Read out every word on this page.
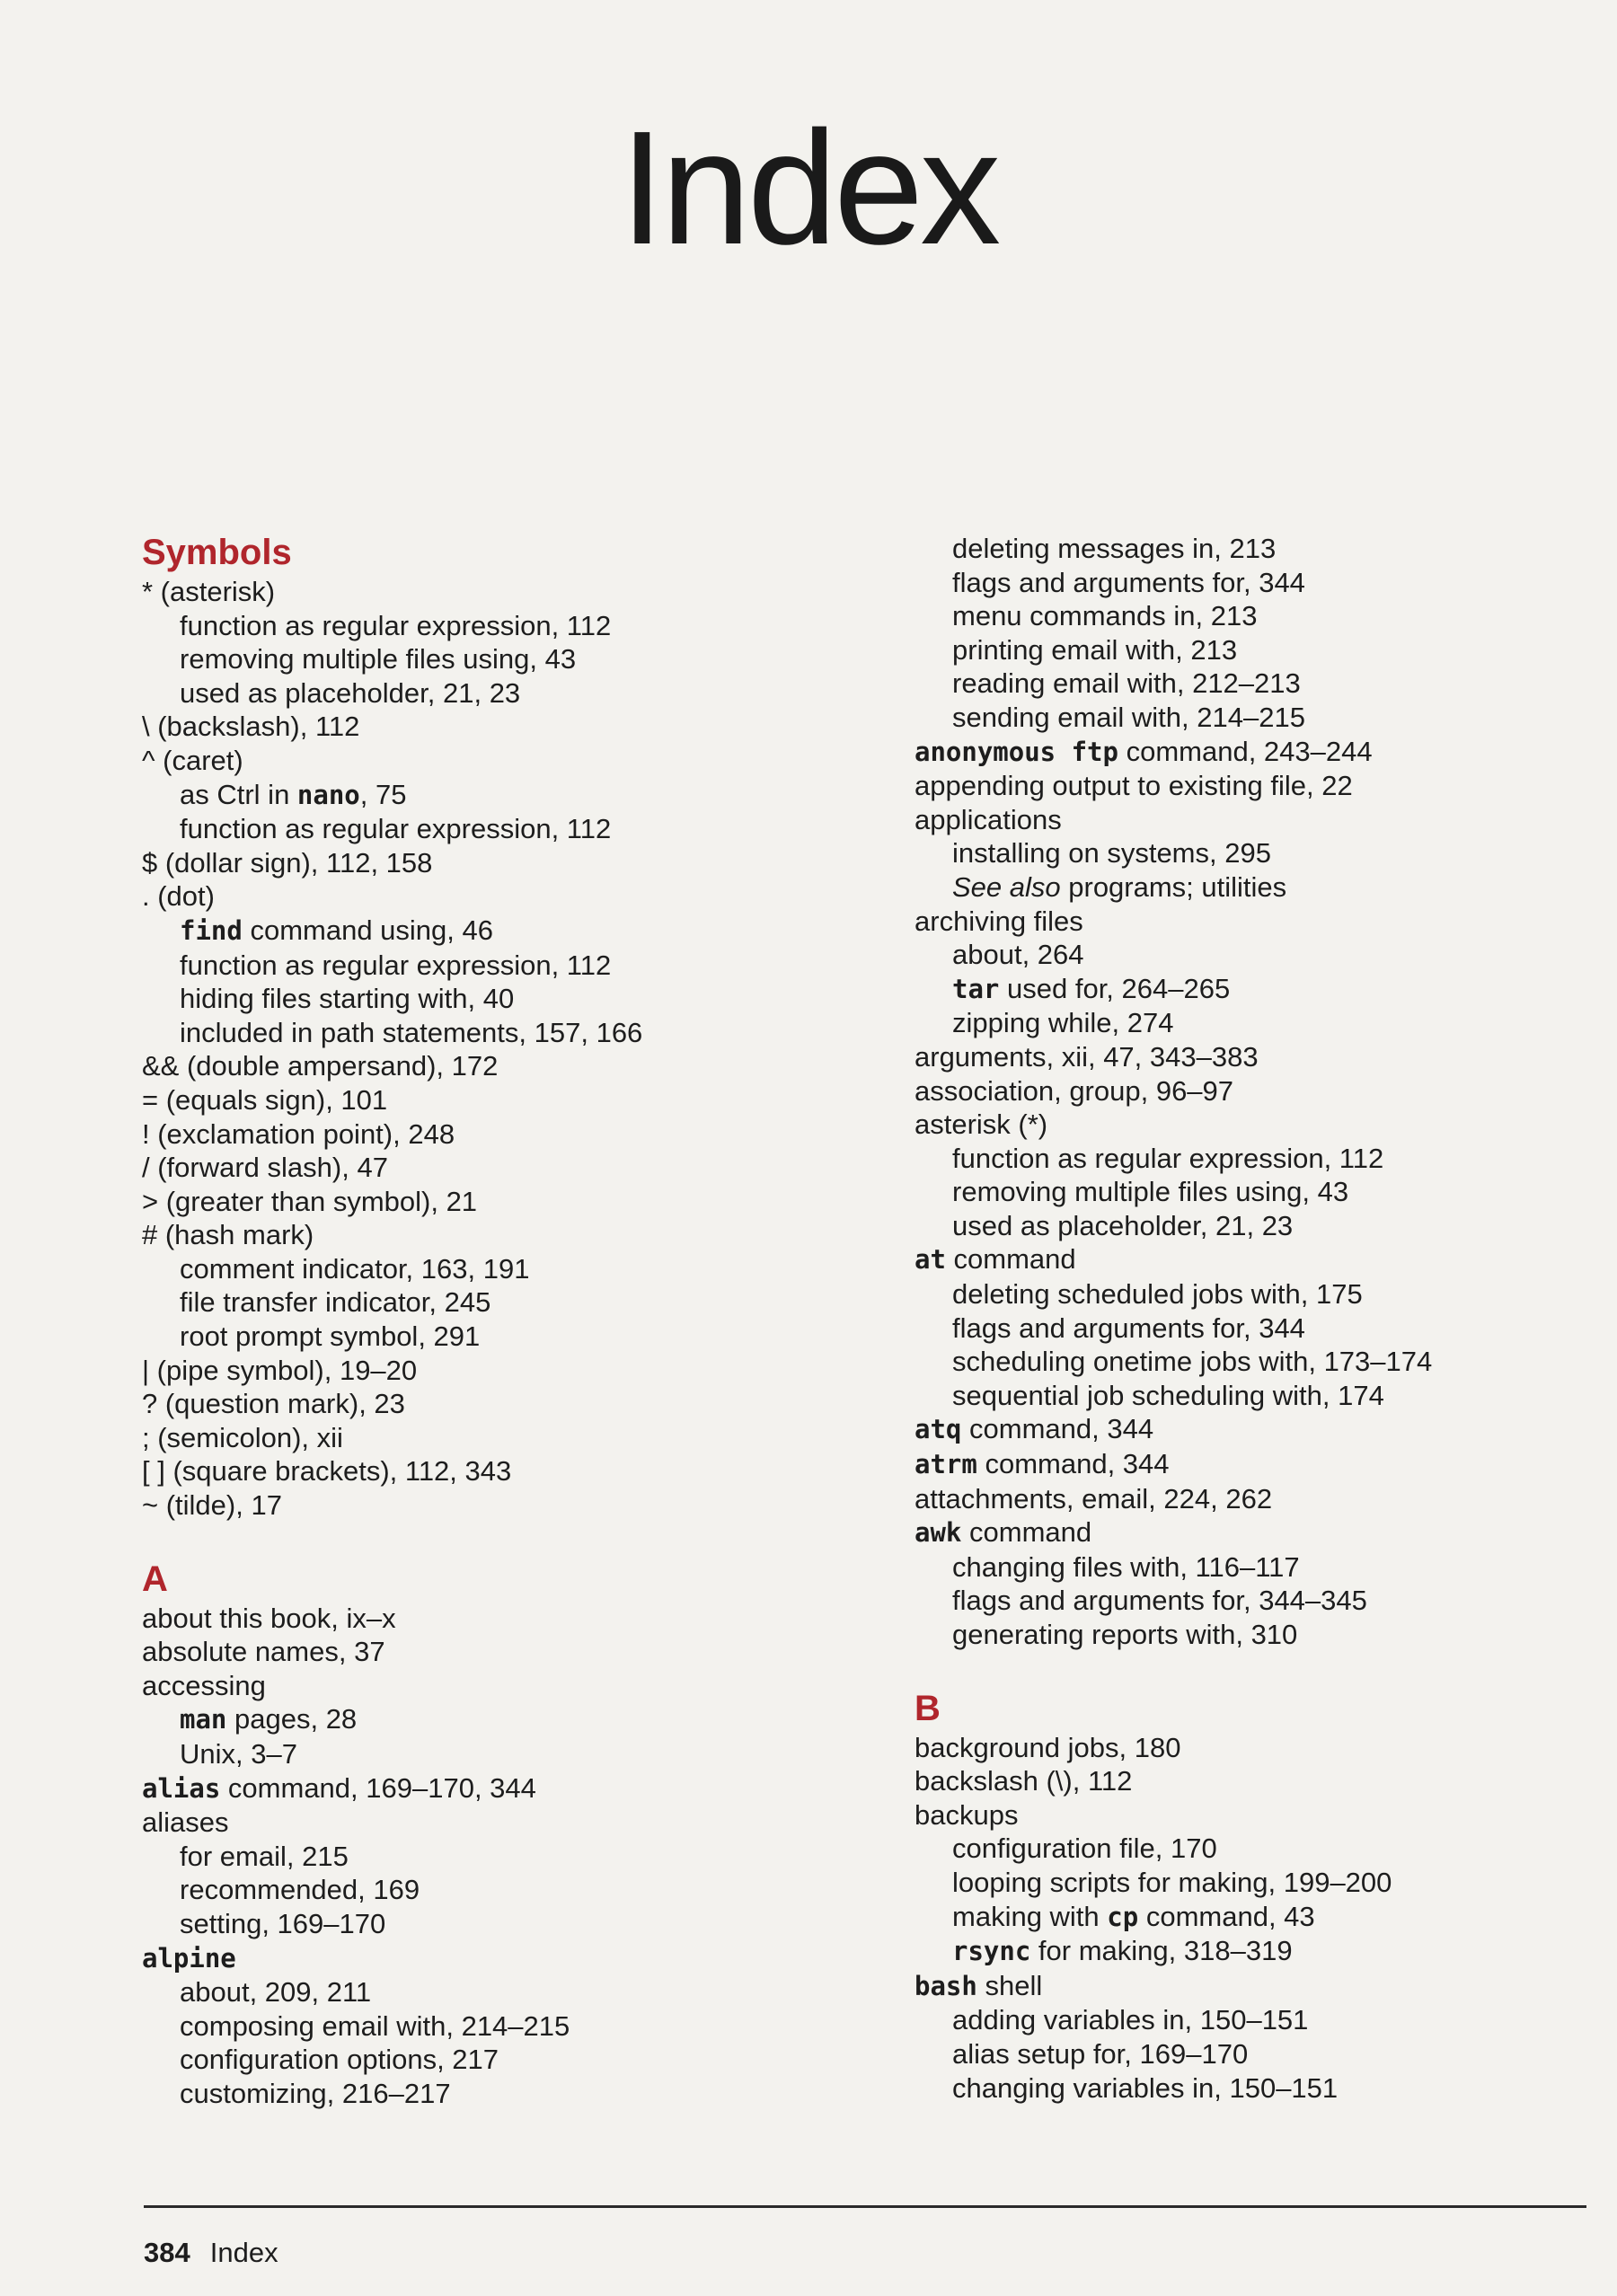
Index
Symbols
* (asterisk)
function as regular expression, 112
removing multiple files using, 43
used as placeholder, 21, 23
\ (backslash), 112
^ (caret)
as Ctrl in nano, 75
function as regular expression, 112
$ (dollar sign), 112, 158
. (dot)
find command using, 46
function as regular expression, 112
hiding files starting with, 40
included in path statements, 157, 166
&& (double ampersand), 172
= (equals sign), 101
! (exclamation point), 248
/ (forward slash), 47
> (greater than symbol), 21
# (hash mark)
comment indicator, 163, 191
file transfer indicator, 245
root prompt symbol, 291
| (pipe symbol), 19–20
? (question mark), 23
; (semicolon), xii
[ ] (square brackets), 112, 343
~ (tilde), 17
A
about this book, ix–x
absolute names, 37
accessing
man pages, 28
Unix, 3–7
alias command, 169–170, 344
aliases
for email, 215
recommended, 169
setting, 169–170
alpine
about, 209, 211
composing email with, 214–215
configuration options, 217
customizing, 216–217
deleting messages in, 213
flags and arguments for, 344
menu commands in, 213
printing email with, 213
reading email with, 212–213
sending email with, 214–215
anonymous ftp command, 243–244
appending output to existing file, 22
applications
installing on systems, 295
See also programs; utilities
archiving files
about, 264
tar used for, 264–265
zipping while, 274
arguments, xii, 47, 343–383
association, group, 96–97
asterisk (*)
function as regular expression, 112
removing multiple files using, 43
used as placeholder, 21, 23
at command
deleting scheduled jobs with, 175
flags and arguments for, 344
scheduling onetime jobs with, 173–174
sequential job scheduling with, 174
atq command, 344
atrm command, 344
attachments, email, 224, 262
awk command
changing files with, 116–117
flags and arguments for, 344–345
generating reports with, 310
B
background jobs, 180
backslash (\), 112
backups
configuration file, 170
looping scripts for making, 199–200
making with cp command, 43
rsync for making, 318–319
bash shell
adding variables in, 150–151
alias setup for, 169–170
changing variables in, 150–151
384 Index
